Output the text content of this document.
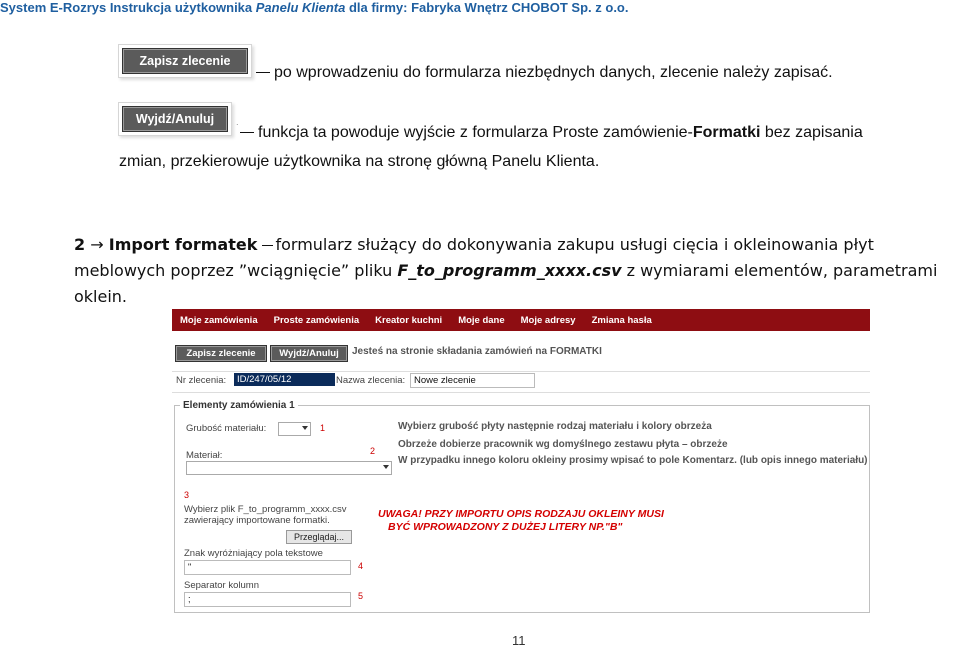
System E-Rozrys Instrukcja użytkownika Panelu Klienta dla firmy: Fabryka Wnętrz CHOBOT Sp. z o.o.
Zapisz zlecenie
po wprowadzeniu do formularza niezbędnych danych, zlecenie należy zapisać.
Wyjdź/Anuluj	.
funkcja ta powoduje wyjście z formularza Proste zamówienie-Formatki bez zapisania
zmian, przekierowuje użytkownika na stronę główną Panelu Klienta.
2 → Import formatek formularz służący do dokonywania zakupu usługi cięcia i okleinowania płyt
meblowych poprzez ”wciągnięcie” pliku F_to_programm_xxxx.csv z wymiarami elementów, parametrami
oklein.
Moje zamówienia Proste zamówienia Kreator kuchni Moje dane Moje adresy Zmiana hasła
Zapisz zlecenie	Wyjdź/Anuluj	Jesteś na stronie składania zamówień na FORMATKI
Nr zlecenia:	ID/247/05/12	Nazwa zlecenia: Nowe zlecenie
Elementy zamówienia 1
Grubość materiału:	1
Materiał:	2
Wybierz grubość płyty następnie rodzaj materiału i kolory obrzeża
Obrzeże dobierze pracownik wg domyślnego zestawu płyta – obrzeże
W przypadku innego koloru okleiny prosimy wpisać to pole Komentarz. (lub opis innego materiału)
3
Wybierz plik F_to_programm_xxxx.csv
zawierający importowane formatki.
Przeglądaj...
Znak wyróżniający pola tekstowe
"	4
Separator kolumn
;	5
UWAGA! PRZY IMPORTU OPIS RODZAJU OKLEINY MUSI
BYĆ WPROWADZONY Z DUŻEJ LITERY NP."B"
11
